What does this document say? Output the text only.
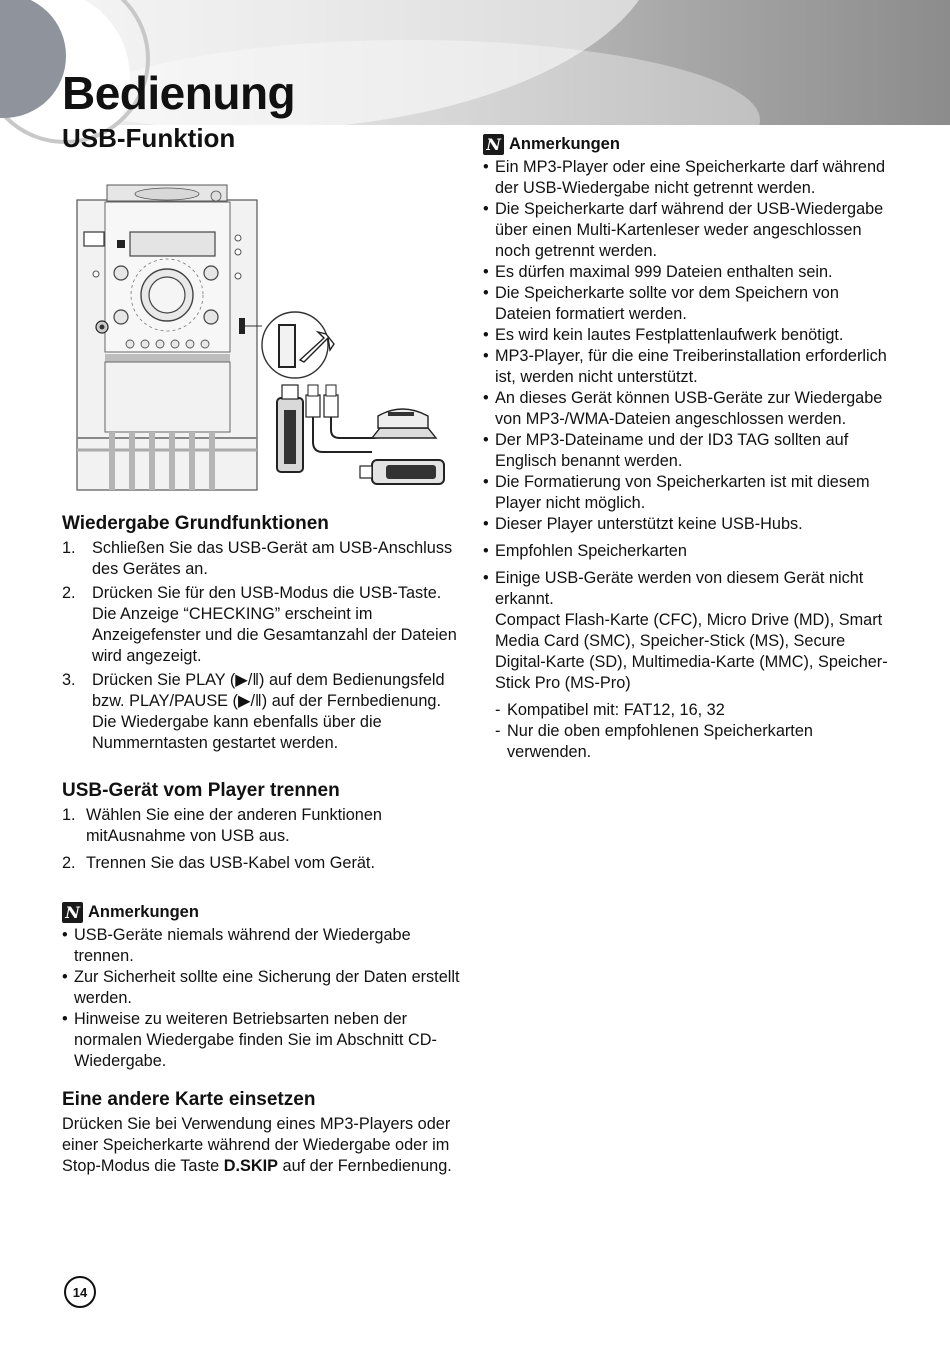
Bedienung
USB-Funktion
Wiedergabe Grundfunktionen
1. Schließen Sie das USB-Gerät am USB-Anschluss des Gerätes an.
2. Drücken Sie für den USB-Modus die USB-Taste. Die Anzeige “CHECKING” erscheint im Anzeigefenster und die Gesamtanzahl der Dateien wird angezeigt.
3. Drücken Sie PLAY (▶/ǁ) auf dem Bedienungsfeld bzw. PLAY/PAUSE (▶/ǁ) auf der Fernbedienung. Die Wiedergabe kann ebenfalls über die Nummerntasten gestartet werden.
USB-Gerät vom Player trennen
1. Wählen Sie eine der anderen Funktionen mitAusnahme von USB aus.
2. Trennen Sie das USB-Kabel vom Gerät.
N Anmerkungen
• USB-Geräte niemals während der Wiedergabe trennen.
• Zur Sicherheit sollte eine Sicherung der Daten erstellt werden.
• Hinweise zu weiteren Betriebsarten neben der normalen Wiedergabe finden Sie im Abschnitt CD-Wiedergabe.
Eine andere Karte einsetzen

Drücken Sie bei Verwendung eines MP3-Players oder einer Speicherkarte während der Wiedergabe oder im Stop-Modus die Taste D.SKIP auf der Fernbedienung.

N Anmerkungen
• Ein MP3-Player oder eine Speicherkarte darf während der USB-Wiedergabe nicht getrennt werden.
• Die Speicherkarte darf während der USB-Wiedergabe über einen Multi-Kartenleser weder angeschlossen noch getrennt werden.
• Es dürfen maximal 999 Dateien enthalten sein.
• Die Speicherkarte sollte vor dem Speichern von Dateien formatiert werden.
• Es wird kein lautes Festplattenlaufwerk benötigt.
• MP3-Player, für die eine Treiberinstallation erforderlich ist, werden nicht unterstützt.
• An dieses Gerät können USB-Geräte zur Wiedergabe von MP3-/WMA-Dateien angeschlossen werden.
• Der MP3-Dateiname und der ID3 TAG sollten auf Englisch benannt werden.
• Die Formatierung von Speicherkarten ist mit diesem Player nicht möglich.
• Dieser Player unterstützt keine USB-Hubs.
• Empfohlen Speicherkarten
• Einige USB-Geräte werden von diesem Gerät nicht erkannt.
Compact Flash-Karte (CFC), Micro Drive (MD), Smart Media Card (SMC), Speicher-Stick (MS), Secure Digital-Karte (SD), Multimedia-Karte (MMC), Speicher-Stick Pro (MS-Pro)
- Kompatibel mit: FAT12, 16, 32
- Nur die oben empfohlenen Speicherkarten verwenden.
14
